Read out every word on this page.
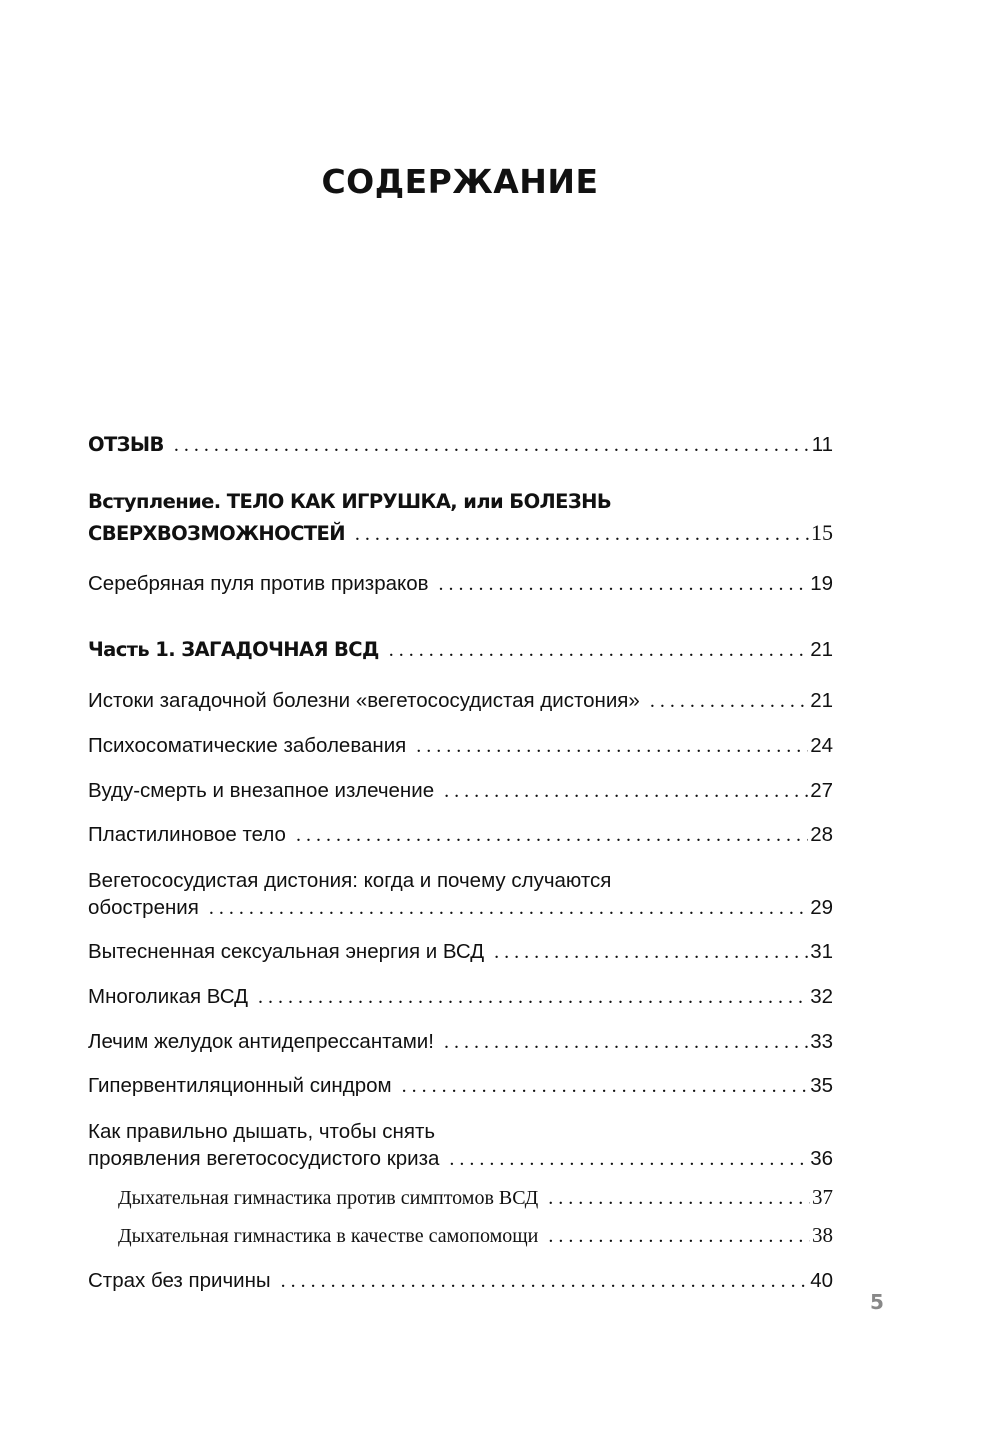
СОДЕРЖАНИЕ
ОТЗЫВ . . .	11
Вступление. ТЕЛО КАК ИГРУШКА, или БОЛЕЗНЬ
СВЕРХВОЗМОЖНОСТЕЙ . . .	15
Серебряная пуля против призраков . . .	19
Часть 1. ЗАГАДОЧНАЯ ВСД . . .	21
Истоки загадочной болезни «вегетососудистая дистония» . . .	21
Психосоматические заболевания . . .	24
Вуду-смерть и внезапное излечение . . .	27
Пластилиновое тело . . .	28
Вегетососудистая дистония: когда и почему случаются
обострения . . .	29
Вытесненная сексуальная энергия и ВСД . . .	31
Многоликая ВСД . . .	32
Лечим желудок антидепрессантами! . . .	33
Гипервентиляционный синдром . . .	35
Как правильно дышать, чтобы снять
проявления вегетососудистого криза . . .	36
Дыхательная гимнастика против симптомов ВСД . . .	37
Дыхательная гимнастика в качестве самопомощи . . .	38
Страх без причины . . .	40
5
